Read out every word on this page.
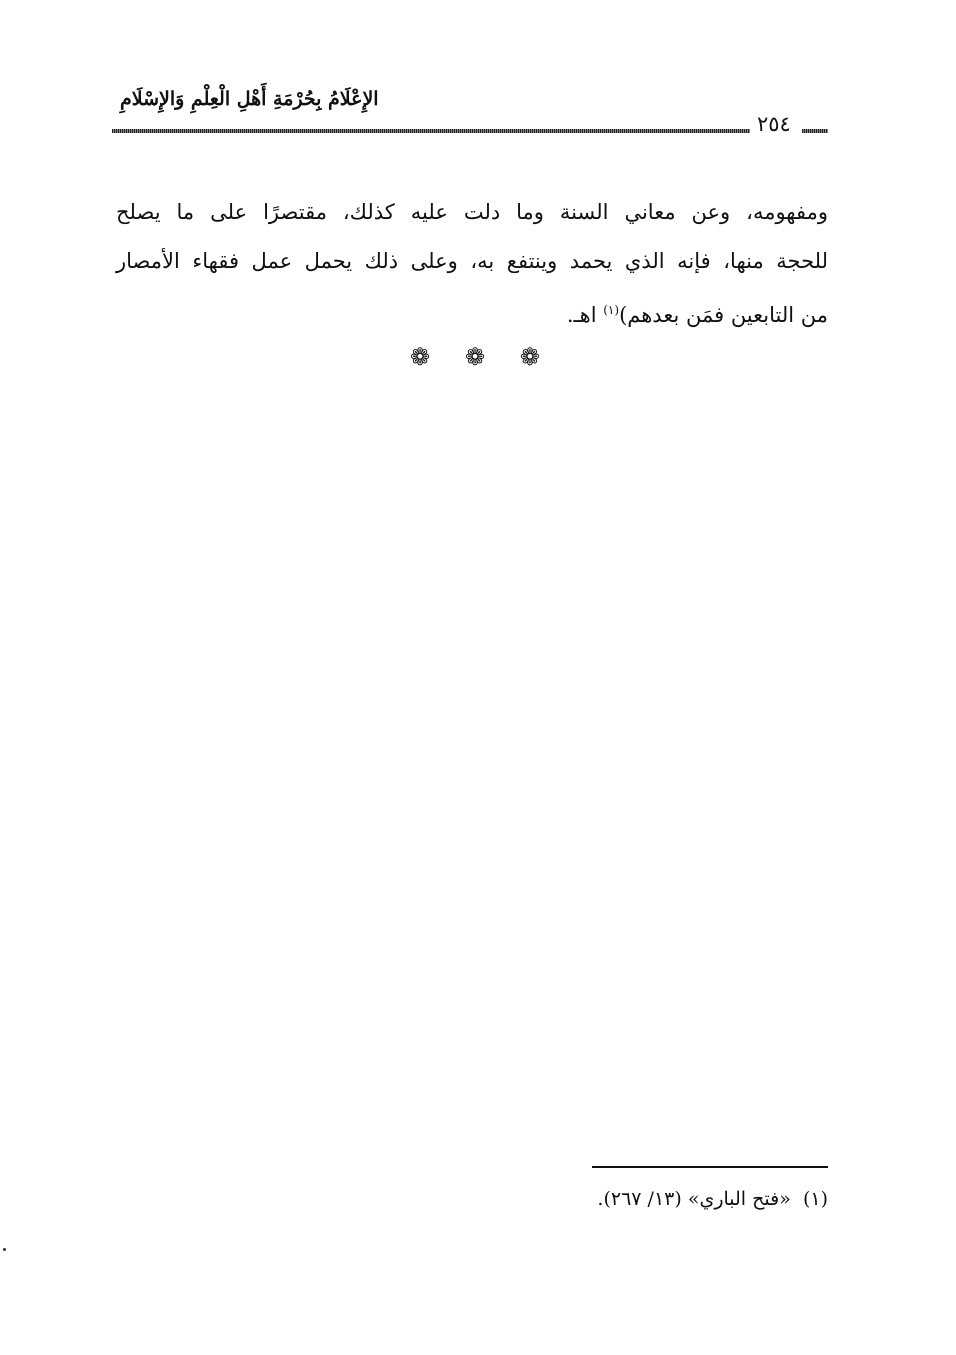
الإِعْلَامُ بِحُرْمَةِ أَهْلِ الْعِلْمِ وَالإِسْلَامِ
٢٥٤
ومفهومه، وعن معاني السنة وما دلت عليه كذلك، مقتصرًا على ما يصلح
للحجة منها، فإنه الذي يحمد وينتفع به، وعلى ذلك يحمل عمل فقهاء الأمصار
من التابعين فمَن بعدهم)$^{(١)}$ اهـ.
❁ ❁ ❁
(١)  «فتح الباري» (١٣/ ٢٦٧).
